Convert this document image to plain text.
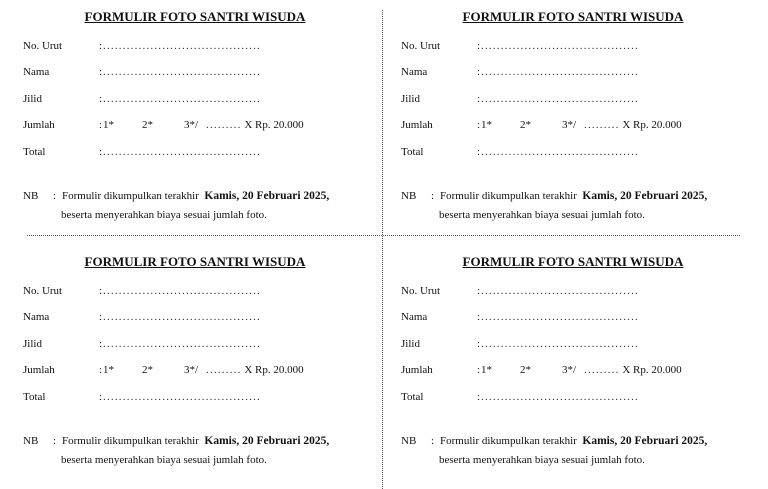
FORMULIR FOTO SANTRI WISUDA
No. Urut	: ........................................
Nama	: ........................................
Jilid	: ........................................
Jumlah	: 1*	2*	3*/ ......... X Rp. 20.000
Total	: ........................................
NB : Formulir dikumpulkan terakhir Kamis, 20 Februari 2025,
beserta menyerahkan biaya sesuai jumlah foto.
FORMULIR FOTO SANTRI WISUDA
No. Urut	: ........................................
Nama	: ........................................
Jilid	: ........................................
Jumlah	: 1*	2*	3*/ ......... X Rp. 20.000
Total	: ........................................
NB : Formulir dikumpulkan terakhir Kamis, 20 Februari 2025,
beserta menyerahkan biaya sesuai jumlah foto.
FORMULIR FOTO SANTRI WISUDA
No. Urut	: ........................................
Nama	: ........................................
Jilid	: ........................................
Jumlah	: 1*	2*	3*/ ......... X Rp. 20.000
Total	: ........................................
NB : Formulir dikumpulkan terakhir Kamis, 20 Februari 2025,
beserta menyerahkan biaya sesuai jumlah foto.
FORMULIR FOTO SANTRI WISUDA
No. Urut	: ........................................
Nama	: ........................................
Jilid	: ........................................
Jumlah	: 1*	2*	3*/ ......... X Rp. 20.000
Total	: ........................................
NB : Formulir dikumpulkan terakhir Kamis, 20 Februari 2025,
beserta menyerahkan biaya sesuai jumlah foto.
